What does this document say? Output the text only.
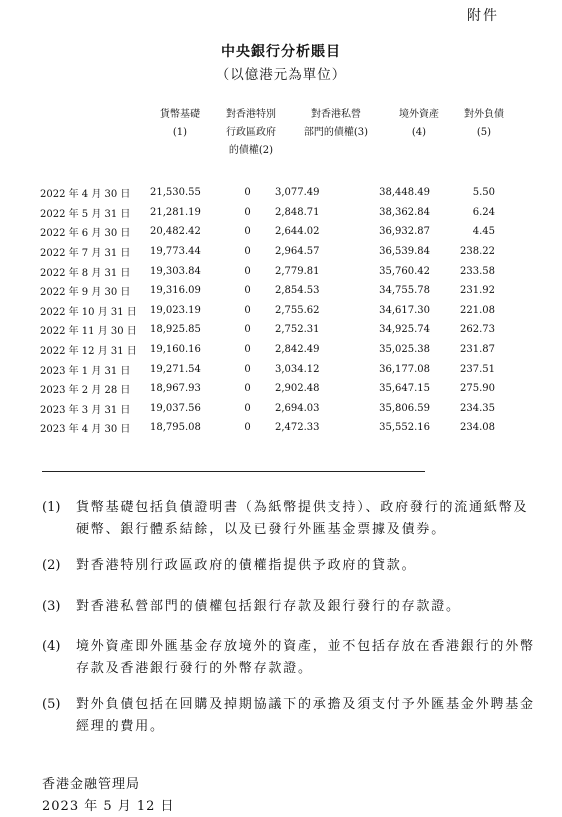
附件
中央銀行分析賬目
（以億港元為單位）
貨幣基礎
(1)
對香港特別
行政區政府
的債權(2)
對香港私營
部門的債權(3)
境外資產
(4)
對外負債
(5)
2022 年 4 月 30 日	21,530.55	0	3,077.49	38,448.49	5.50
2022 年 5 月 31 日	21,281.19	0	2,848.71	38,362.84	6.24
2022 年 6 月 30 日	20,482.42	0	2,644.02	36,932.87	4.45
2022 年 7 月 31 日	19,773.44	0	2,964.57	36,539.84	238.22
2022 年 8 月 31 日	19,303.84	0	2,779.81	35,760.42	233.58
2022 年 9 月 30 日	19,316.09	0	2,854.53	34,755.78	231.92
2022 年 10 月 31 日	19,023.19	0	2,755.62	34,617.30	221.08
2022 年 11 月 30 日	18,925.85	0	2,752.31	34,925.74	262.73
2022 年 12 月 31 日	19,160.16	0	2,842.49	35,025.38	231.87
2023 年 1 月 31 日	19,271.54	0	3,034.12	36,177.08	237.51
2023 年 2 月 28 日	18,967.93	0	2,902.48	35,647.15	275.90
2023 年 3 月 31 日	19,037.56	0	2,694.03	35,806.59	234.35
2023 年 4 月 30 日	18,795.08	0	2,472.33	35,552.16	234.08
(1)	貨幣基礎包括負債證明書（為紙幣提供支持）、政府發行的流通紙幣及硬幣、銀行體系結餘，以及已發行外匯基金票據及債券。
(2)	對香港特別行政區政府的債權指提供予政府的貸款。
(3)	對香港私營部門的債權包括銀行存款及銀行發行的存款證。
(4)	境外資產即外匯基金存放境外的資產，並不包括存放在香港銀行的外幣存款及香港銀行發行的外幣存款證。
(5)	對外負債包括在回購及掉期協議下的承擔及須支付予外匯基金外聘基金經理的費用。
香港金融管理局
2023 年 5 月 12 日
